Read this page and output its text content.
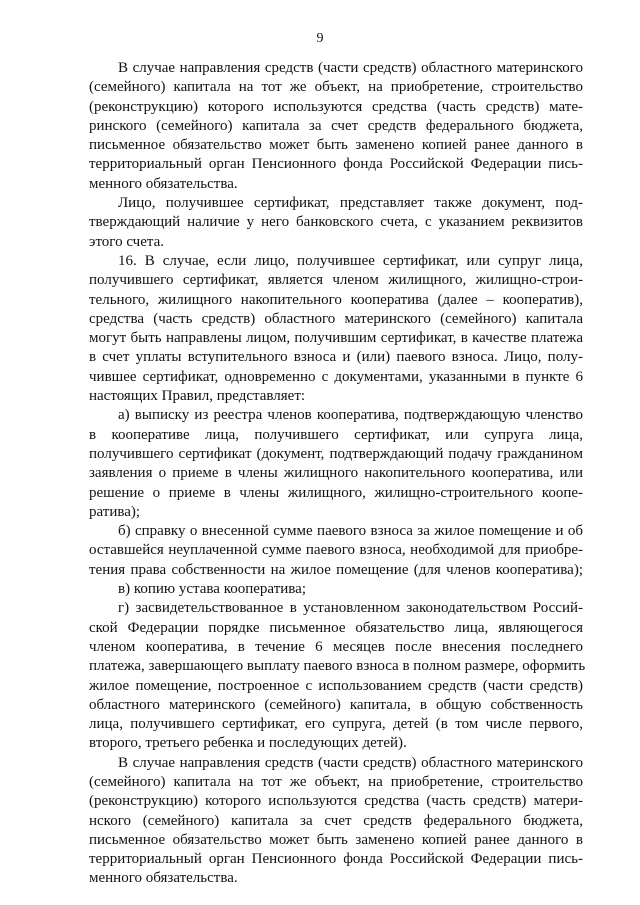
9
В случае направления средств (части средств) областного материнского
(семейного) капитала на тот же объект, на приобретение, строительство
(реконструкцию) которого используются средства (часть средств) мате-
ринского (семейного) капитала за счет средств федерального бюджета,
письменное обязательство может быть заменено копией ранее данного в
территориальный орган Пенсионного фонда Российской Федерации пись-
менного обязательства.
Лицо, получившее сертификат, представляет также документ, под-
тверждающий наличие у него банковского счета, с указанием реквизитов
этого счета.
16. В случае, если лицо, получившее сертификат, или супруг лица,
получившего сертификат, является членом жилищного, жилищно-строи-
тельного, жилищного накопительного кооператива (далее – кооператив),
средства (часть средств) областного материнского (семейного) капитала
могут быть направлены лицом, получившим сертификат, в качестве платежа
в счет уплаты вступительного взноса и (или) паевого взноса. Лицо, полу-
чившее сертификат, одновременно с документами, указанными в пункте 6
настоящих Правил, представляет:
а) выписку из реестра членов кооператива, подтверждающую членство
в кооперативе лица, получившего сертификат, или супруга лица,
получившего сертификат (документ, подтверждающий подачу гражданином
заявления о приеме в члены жилищного накопительного кооператива, или
решение о приеме в члены жилищного, жилищно-строительного коопе-
ратива);
б) справку о внесенной сумме паевого взноса за жилое помещение и об
оставшейся неуплаченной сумме паевого взноса, необходимой для приобре-
тения права собственности на жилое помещение (для членов кооператива);
в) копию устава кооператива;
г) засвидетельствованное в установленном законодательством Россий-
ской Федерации порядке письменное обязательство лица, являющегося
членом кооператива, в течение 6 месяцев после внесения последнего
платежа, завершающего выплату паевого взноса в полном размере, оформить
жилое помещение, построенное с использованием средств (части средств)
областного материнского (семейного) капитала, в общую собственность
лица, получившего сертификат, его супруга, детей (в том числе первого,
второго, третьего ребенка и последующих детей).
В случае направления средств (части средств) областного материнского
(семейного) капитала на тот же объект, на приобретение, строительство
(реконструкцию) которого используются средства (часть средств) матери-
нского (семейного) капитала за счет средств федерального бюджета,
письменное обязательство может быть заменено копией ранее данного в
территориальный орган Пенсионного фонда Российской Федерации пись-
менного обязательства.
